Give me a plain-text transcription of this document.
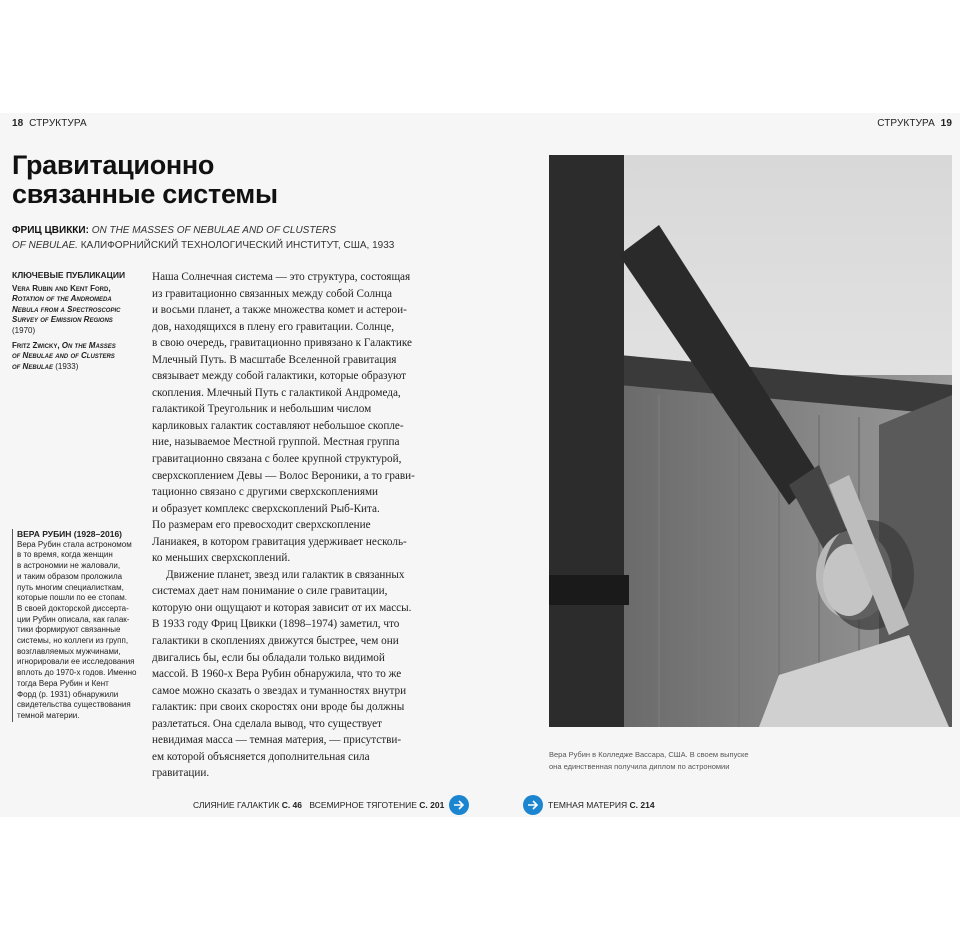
18 СТРУКТУРА	СТРУКТУРА 19
Гравитационно
связанные системы
ФРИЦ ЦВИККИ: ON THE MASSES OF NEBULAE AND OF CLUSTERS
OF NEBULAE. КАЛИФОРНИЙСКИЙ ТЕХНОЛОГИЧЕСКИЙ ИНСТИТУТ, США, 1933
КЛЮЧЕВЫЕ ПУБЛИКАЦИИ

Vera Rubin and Kent Ford,
Rotation of the Andromeda
Nebula from a Spectroscopic
Survey of Emission Regions
(1970)

Fritz Zwicky, On the Masses
of Nebulae and of Clusters
of Nebulae (1933)

ВЕРА РУБИН (1928–2016)
Вера Рубин стала астрономом
в то время, когда женщин
в астрономии не жаловали,
и таким образом проложила
путь многим специалисткам,
которые пошли по ее стопам.
В своей докторской диссерта-
ции Рубин описала, как галак-
тики формируют связанные
системы, но коллеги из групп,
возглавляемых мужчинами,
игнорировали ее исследования
вплоть до 1970-х годов. Именно
тогда Вера Рубин и Кент
Форд (р. 1931) обнаружили
свидетельства существования
темной материи.
Наша Солнечная система — это структура, состоящая
из гравитационно связанных между собой Солнца
и восьми планет, а также множества комет и астерои-
дов, находящихся в плену его гравитации. Солнце,
в свою очередь, гравитационно привязано к Галактике
Млечный Путь. В масштабе Вселенной гравитация
связывает между собой галактики, которые образуют
скопления. Млечный Путь с галактикой Андромеда,
галактикой Треугольник и небольшим числом
карликовых галактик составляют небольшое скопле-
ние, называемое Местной группой. Местная группа
гравитационно связана с более крупной структурой,
сверхскоплением Девы — Волос Вероники, а то грави-
тационно связано с другими сверхскоплениями
и образует комплекс сверхскоплений Рыб-Кита.
По размерам его превосходит сверхскопление
Ланиакея, в котором гравитация удерживает несколь-
ко меньших сверхскоплений.
Движение планет, звезд или галактик в связанных
системах дает нам понимание о силе гравитации,
которую они ощущают и которая зависит от их массы.
В 1933 году Фриц Цвикки (1898–1974) заметил, что
галактики в скоплениях движутся быстрее, чем они
двигались бы, если бы обладали только видимой
массой. В 1960-х Вера Рубин обнаружила, что то же
самое можно сказать о звездах и туманностях внутри
галактик: при своих скоростях они вроде бы должны
разлетаться. Она сделала вывод, что существует
невидимая масса — темная материя, — присутстви-
ем которой объясняется дополнительная сила
гравитации.
Вера Рубин в Колледже Вассара, США. В своем выпуске
она единственная получила диплом по астрономии
СЛИЯНИЕ ГАЛАКТИК С. 46 ВСЕМИРНОЕ ТЯГОТЕНИЕ С. 201	ТЕМНАЯ МАТЕРИЯ С. 214
